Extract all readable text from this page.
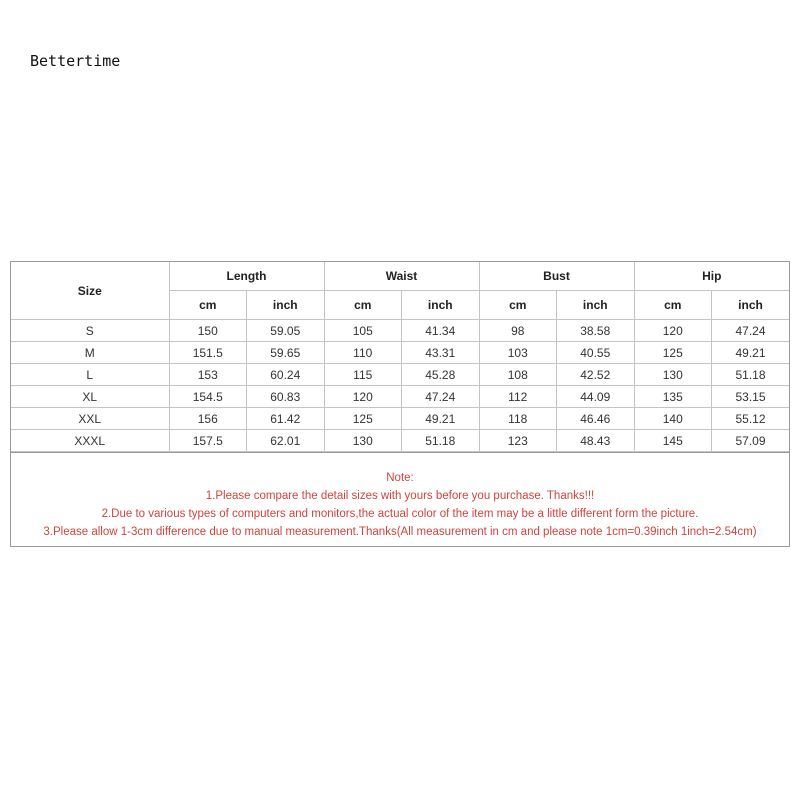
Bettertime
Size	Length		Waist		Bust		Hip	
	cm	inch	cm	inch	cm	inch	cm	inch
S	150	59.05	105	41.34	98	38.58	120	47.24
M	151.5	59.65	110	43.31	103	40.55	125	49.21
L	153	60.24	115	45.28	108	42.52	130	51.18
XL	154.5	60.83	120	47.24	112	44.09	135	53.15
XXL	156	61.42	125	49.21	118	46.46	140	55.12
XXXL	157.5	62.01	130	51.18	123	48.43	145	57.09
Note:
1.Please compare the detail sizes with yours before you purchase. Thanks!!!
2.Due to various types of computers and monitors,the actual color of the item may be a little different form the picture.
3.Please allow 1-3cm difference due to manual measurement.Thanks(All measurement in cm and please note 1cm=0.39inch 1inch=2.54cm)
